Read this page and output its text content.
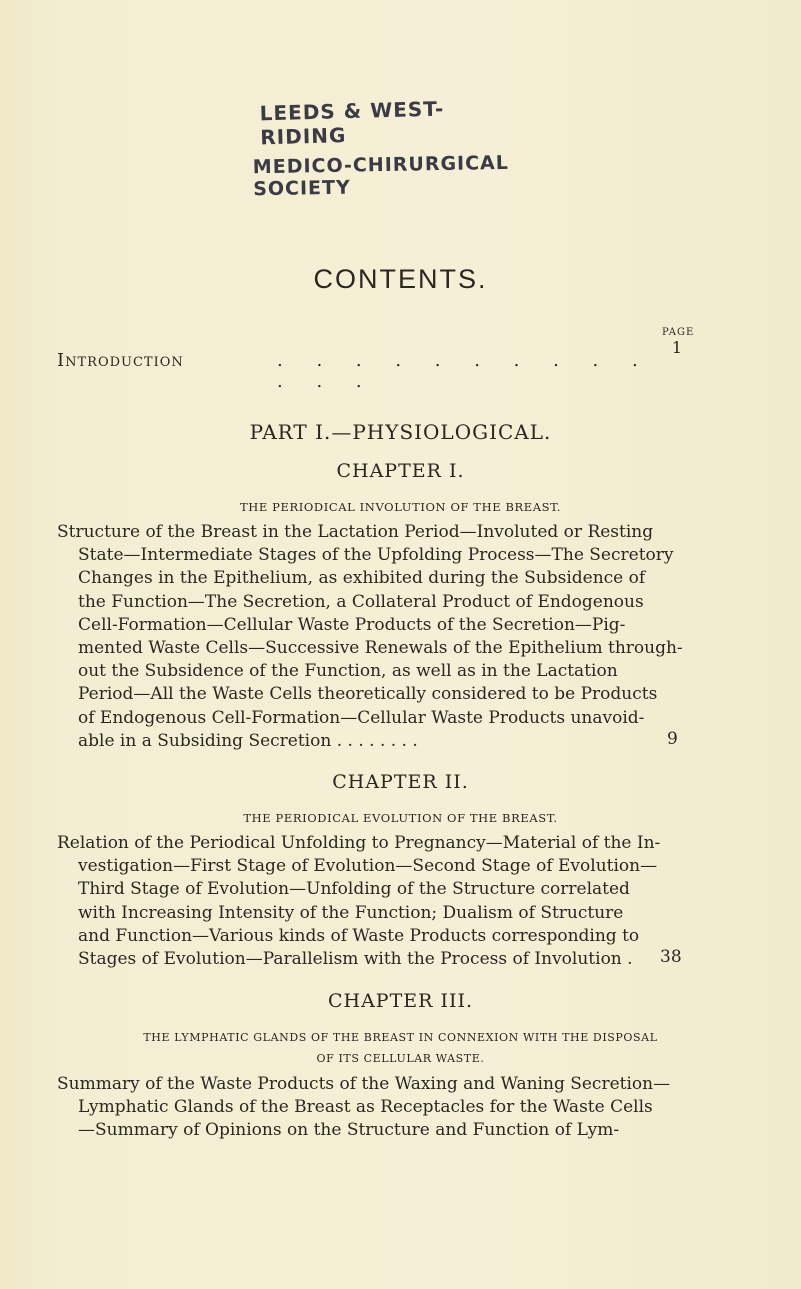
LEEDS & WEST-RIDING
MEDICO-CHIRURGICAL SOCIETY
CONTENTS.
PAGE
Introduction	. . . . . . . . . . . . .
1
PART I.—PHYSIOLOGICAL.
CHAPTER I.
THE PERIODICAL INVOLUTION OF THE BREAST.
Structure of the Breast in the Lactation Period—Involuted or Resting
State—Intermediate Stages of the Upfolding Process—The Secretory
Changes in the Epithelium, as exhibited during the Subsidence of
the Function—The Secretion, a Collateral Product of Endogenous
Cell-Formation—Cellular Waste Products of the Secretion—Pig-
mented Waste Cells—Successive Renewals of the Epithelium through-
out the Subsidence of the Function, as well as in the Lactation
Period—All the Waste Cells theoretically considered to be Products
of Endogenous Cell-Formation—Cellular Waste Products unavoid-
able in a Subsiding Secretion . . . . . . . .	9
CHAPTER II.
THE PERIODICAL EVOLUTION OF THE BREAST.
Relation of the Periodical Unfolding to Pregnancy—Material of the In-
vestigation—First Stage of Evolution—Second Stage of Evolution—
Third Stage of Evolution—Unfolding of the Structure correlated
with Increasing Intensity of the Function; Dualism of Structure
and Function—Various kinds of Waste Products corresponding to
Stages of Evolution—Parallelism with the Process of Involution .	38
CHAPTER III.
THE LYMPHATIC GLANDS OF THE BREAST IN CONNEXION WITH THE DISPOSAL
OF ITS CELLULAR WASTE.
Summary of the Waste Products of the Waxing and Waning Secretion—
Lymphatic Glands of the Breast as Receptacles for the Waste Cells
—Summary of Opinions on the Structure and Function of Lym-
